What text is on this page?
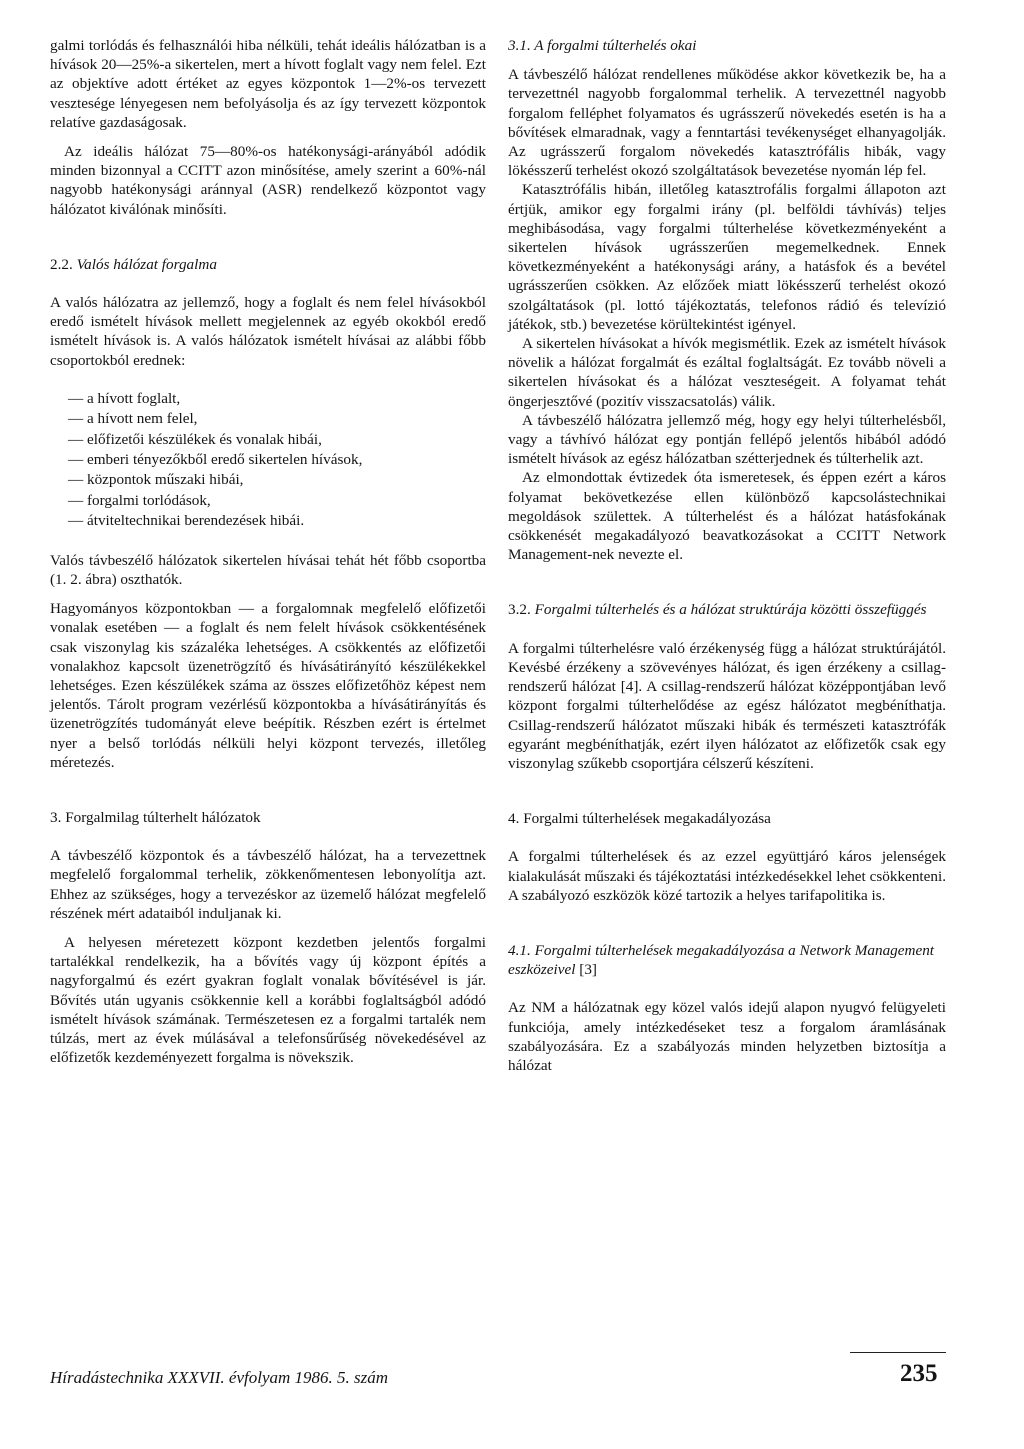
galmi torlódás és felhasználói hiba nélküli, tehát ideális hálózatban is a hívások 20—25%-a sikertelen, mert a hívott foglalt vagy nem felel. Ezt az objektíve adott értéket az egyes központok 1—2%-os tervezett vesztesége lényegesen nem befolyásolja és az így tervezett központok relatíve gazdaságosak.

Az ideális hálózat 75—80%-os hatékonysági-arányából adódik minden bizonnyal a CCITT azon minősítése, amely szerint a 60%-nál nagyobb hatékonysági aránnyal (ASR) rendelkező központot vagy hálózatot kiválónak minősíti.

2.2. Valós hálózat forgalma

A valós hálózatra az jellemző, hogy a foglalt és nem felel hívásokból eredő ismételt hívások mellett megjelennek az egyéb okokból eredő ismételt hívások is. A valós hálózatok ismételt hívásai az alábbi főbb csoportokból erednek:

— a hívott foglalt,
— a hívott nem felel,
— előfizetői készülékek és vonalak hibái,
— emberi tényezőkből eredő sikertelen hívások,
— központok műszaki hibái,
— forgalmi torlódások,
— átviteltechnikai berendezések hibái.

Valós távbeszélő hálózatok sikertelen hívásai tehát hét főbb csoportba (1. 2. ábra) oszthatók.

Hagyományos központokban — a forgalomnak megfelelő előfizetői vonalak esetében — a foglalt és nem felelt hívások csökkentésének csak viszonylag kis százaléka lehetséges. A csökkentés az előfizetői vonalakhoz kapcsolt üzenetrögzítő és hívásátirányító készülékekkel lehetséges. Ezen készülékek száma az összes előfizetőhöz képest nem jelentős. Tárolt program vezérlésű központokba a hívásátirányítás és üzenetrögzítés tudományát eleve beépítik. Részben ezért is értelmet nyer a belső torlódás nélküli helyi központ tervezés, illetőleg méretezés.

3. Forgalmilag túlterhelt hálózatok

A távbeszélő központok és a távbeszélő hálózat, ha a tervezettnek megfelelő forgalommal terhelik, zökkenőmentesen lebonyolítja azt. Ehhez az szükséges, hogy a tervezéskor az üzemelő hálózat megfelelő részének mért adataiból induljanak ki.

A helyesen méretezett központ kezdetben jelentős forgalmi tartalékkal rendelkezik, ha a bővítés vagy új központ építés a nagyforgalmú és ezért gyakran foglalt vonalak bővítésével is jár. Bővítés után ugyanis csökkennie kell a korábbi foglaltságból adódó ismételt hívások számának. Természetesen ez a forgalmi tartalék nem túlzás, mert az évek múlásával a telefonsűrűség növekedésével az előfizetők kezdeményezett forgalma is növekszik.

3.1. A forgalmi túlterhelés okai

A távbeszélő hálózat rendellenes működése akkor következik be, ha a tervezettnél nagyobb forgalommal terhelik. A tervezettnél nagyobb forgalom felléphet folyamatos és ugrásszerű növekedés esetén is ha a bővítések elmaradnak, vagy a fenntartási tevékenységet elhanyagolják. Az ugrásszerű forgalom növekedés katasztrófális hibák, vagy lökésszerű terhelést okozó szolgáltatások bevezetése nyomán lép fel.

Katasztrófális hibán, illetőleg katasztrofális forgalmi állapoton azt értjük, amikor egy forgalmi irány (pl. belföldi távhívás) teljes meghibásodása, vagy forgalmi túlterhelése következményeként a sikertelen hívások ugrásszerűen megemelkednek. Ennek következményeként a hatékonysági arány, a hatásfok és a bevétel ugrásszerűen csökken. Az előzőek miatt lökésszerű terhelést okozó szolgáltatások (pl. lottó tájékoztatás, telefonos rádió és televízió játékok, stb.) bevezetése körültekintést igényel.

A sikertelen hívásokat a hívók megismétlik. Ezek az ismételt hívások növelik a hálózat forgalmát és ezáltal foglaltságát. Ez tovább növeli a sikertelen hívásokat és a hálózat veszteségeit. A folyamat tehát öngerjesztővé (pozitív visszacsatolás) válik.

A távbeszélő hálózatra jellemző még, hogy egy helyi túlterhelésből, vagy a távhívó hálózat egy pontján fellépő jelentős hibából adódó ismételt hívások az egész hálózatban szétterjednek és túlterhelik azt.

Az elmondottak évtizedek óta ismeretesek, és éppen ezért a káros folyamat bekövetkezése ellen különböző kapcsolástechnikai megoldások születtek. A túlterhelést és a hálózat hatásfokának csökkenését megakadályozó beavatkozásokat a CCITT Network Management-nek nevezte el.

3.2. Forgalmi túlterhelés és a hálózat struktúrája közötti összefüggés

A forgalmi túlterhelésre való érzékenység függ a hálózat struktúrájától. Kevésbé érzékeny a szövevényes hálózat, és igen érzékeny a csillag-rendszerű hálózat [4]. A csillag-rendszerű hálózat középpontjában levő központ forgalmi túlterhelődése az egész hálózatot megbéníthatja. Csillag-rendszerű hálózatot műszaki hibák és természeti katasztrófák egyaránt megbéníthatják, ezért ilyen hálózatot az előfizetők csak egy viszonylag szűkebb csoportjára célszerű készíteni.

4. Forgalmi túlterhelések megakadályozása

A forgalmi túlterhelések és az ezzel együttjáró káros jelenségek kialakulását műszaki és tájékoztatási intézkedésekkel lehet csökkenteni. A szabályozó eszközök közé tartozik a helyes tarifapolitika is.

4.1. Forgalmi túlterhelések megakadályozása a Network Management eszközeivel [3]

Az NM a hálózatnak egy közel valós idejű alapon nyugvó felügyeleti funkciója, amely intézkedéseket tesz a forgalom áramlásának szabályozására. Ez a szabályozás minden helyzetben biztosítja a hálózat

Híradástechnika XXXVII. évfolyam 1986. 5. szám	235
